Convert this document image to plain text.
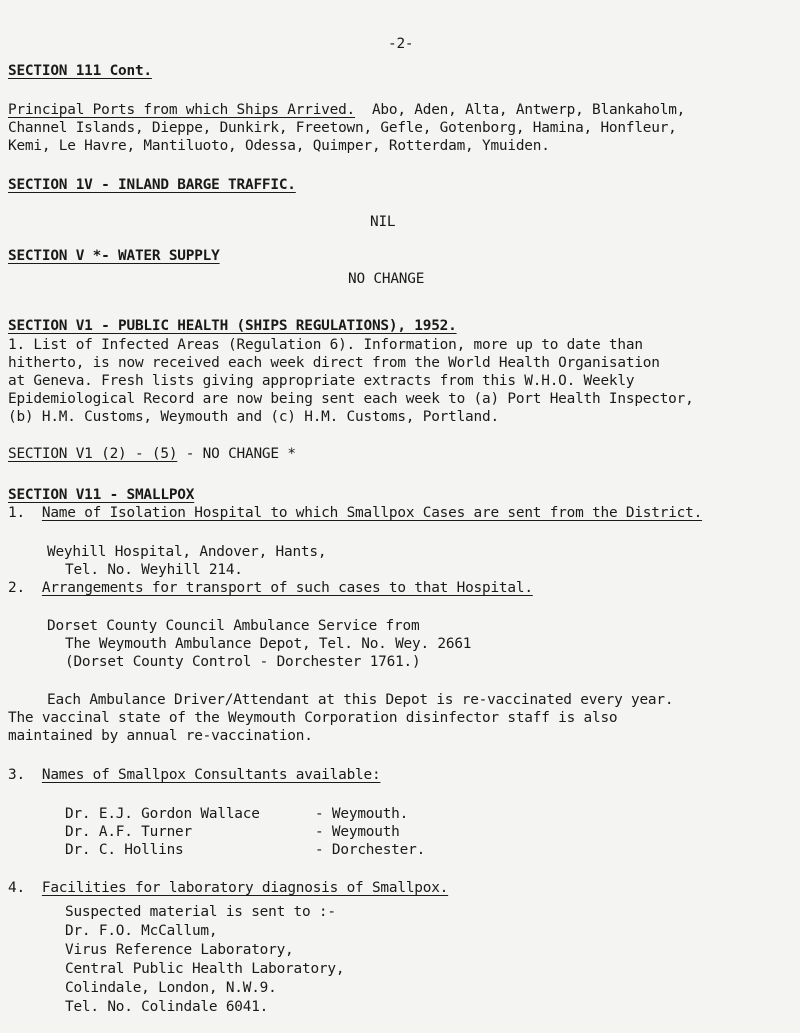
-2-
SECTION 111 Cont.
Principal Ports from which Ships Arrived. Abo, Aden, Alta, Antwerp, Blankaholm,
Channel Islands, Dieppe, Dunkirk, Freetown, Gefle, Gotenborg, Hamina, Honfleur,
Kemi, Le Havre, Mantiluoto, Odessa, Quimper, Rotterdam, Ymuiden.
SECTION 1V - INLAND BARGE TRAFFIC.
NIL
SECTION V *- WATER SUPPLY
NO CHANGE
SECTION V1 - PUBLIC HEALTH (SHIPS REGULATIONS), 1952.
1. List of Infected Areas (Regulation 6). Information, more up to date than
hitherto, is now received each week direct from the World Health Organisation
at Geneva. Fresh lists giving appropriate extracts from this W.H.O. Weekly
Epidemiological Record are now being sent each week to (a) Port Health Inspector,
(b) H.M. Customs, Weymouth and (c) H.M. Customs, Portland.
SECTION V1 (2) - (5) - NO CHANGE *
SECTION V11 - SMALLPOX
1. Name of Isolation Hospital to which Smallpox Cases are sent from the District.
Weyhill Hospital, Andover, Hants,
Tel. No. Weyhill 214.
2. Arrangements for transport of such cases to that Hospital.
Dorset County Council Ambulance Service from
The Weymouth Ambulance Depot, Tel. No. Wey. 2661
(Dorset County Control - Dorchester 1761.)
Each Ambulance Driver/Attendant at this Depot is re-vaccinated every year.
The vaccinal state of the Weymouth Corporation disinfector staff is also
maintained by annual re-vaccination.
3. Names of Smallpox Consultants available:
Dr. E.J. Gordon Wallace	- Weymouth.
Dr. A.F. Turner	- Weymouth
Dr. C. Hollins	- Dorchester.
4. Facilities for laboratory diagnosis of Smallpox.
Suspected material is sent to :-
Dr. F.O. McCallum,
Virus Reference Laboratory,
Central Public Health Laboratory,
Colindale, London, N.W.9.
Tel. No. Colindale 6041.
